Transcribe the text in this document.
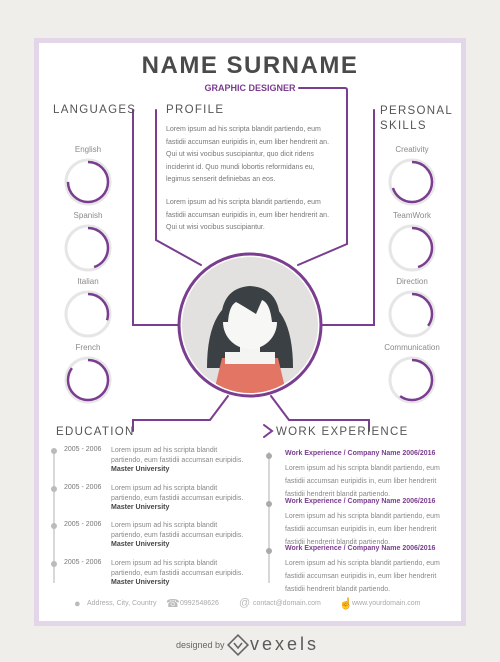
NAME SURNAME
GRAPHIC DESIGNER
LANGUAGES	PROFILE	PERSONAL SKILLS
Lorem ipsum ad his scripta blandit partiendo, eum fastidii accumsan euripidis in, eum liber hendrerit an. Qui ut wisi vocibus suscipiantur, quo dicit ridens inciderint id. Quo mundi lobortis reformidans eu, legimus senserit definiebas an eos.
Lorem ipsum ad his scripta blandit partiendo, eum fastidii accumsan euripidis in, eum liber hendrerit an. Qui ut wisi vocibus suscipiantur.
English
Spanish
Italian
French
Creativity
TeamWork
Direction
Communication
EDUCATION	WORK EXPERIENCE
2005 - 2006 Lorem ipsum ad his scripta blandit partiendo, eum fastidii accumsan euripidis.
Master University
2005 - 2006 Lorem ipsum ad his scripta blandit partiendo, eum fastidii accumsan euripidis.
Master University
2005 - 2006 Lorem ipsum ad his scripta blandit partiendo, eum fastidii accumsan euripidis.
Master University
2005 - 2006 Lorem ipsum ad his scripta blandit partiendo, eum fastidii accumsan euripidis.
Master University
Work Experience / Company Name 2006/2016
Lorem ipsum ad his scripta blandit partiendo, eum fastidii accumsan euripidis in, eum liber hendrerit fastidii hendrerit blandit partiendo.
Work Experience / Company Name 2006/2016
Lorem ipsum ad his scripta blandit partiendo, eum fastidii accumsan euripidis in, eum liber hendrerit fastidii hendrerit blandit partiendo.
Work Experience / Company Name 2006/2016
Lorem ipsum ad his scripta blandit partiendo, eum fastidii accumsan euripidis in, eum liber hendrerit fastidii hendrerit blandit partiendo.
● Address, City, Country ☎ 0992548626 @ contact@domain.com ☝ www.yourdomain.com
designed by vexels
